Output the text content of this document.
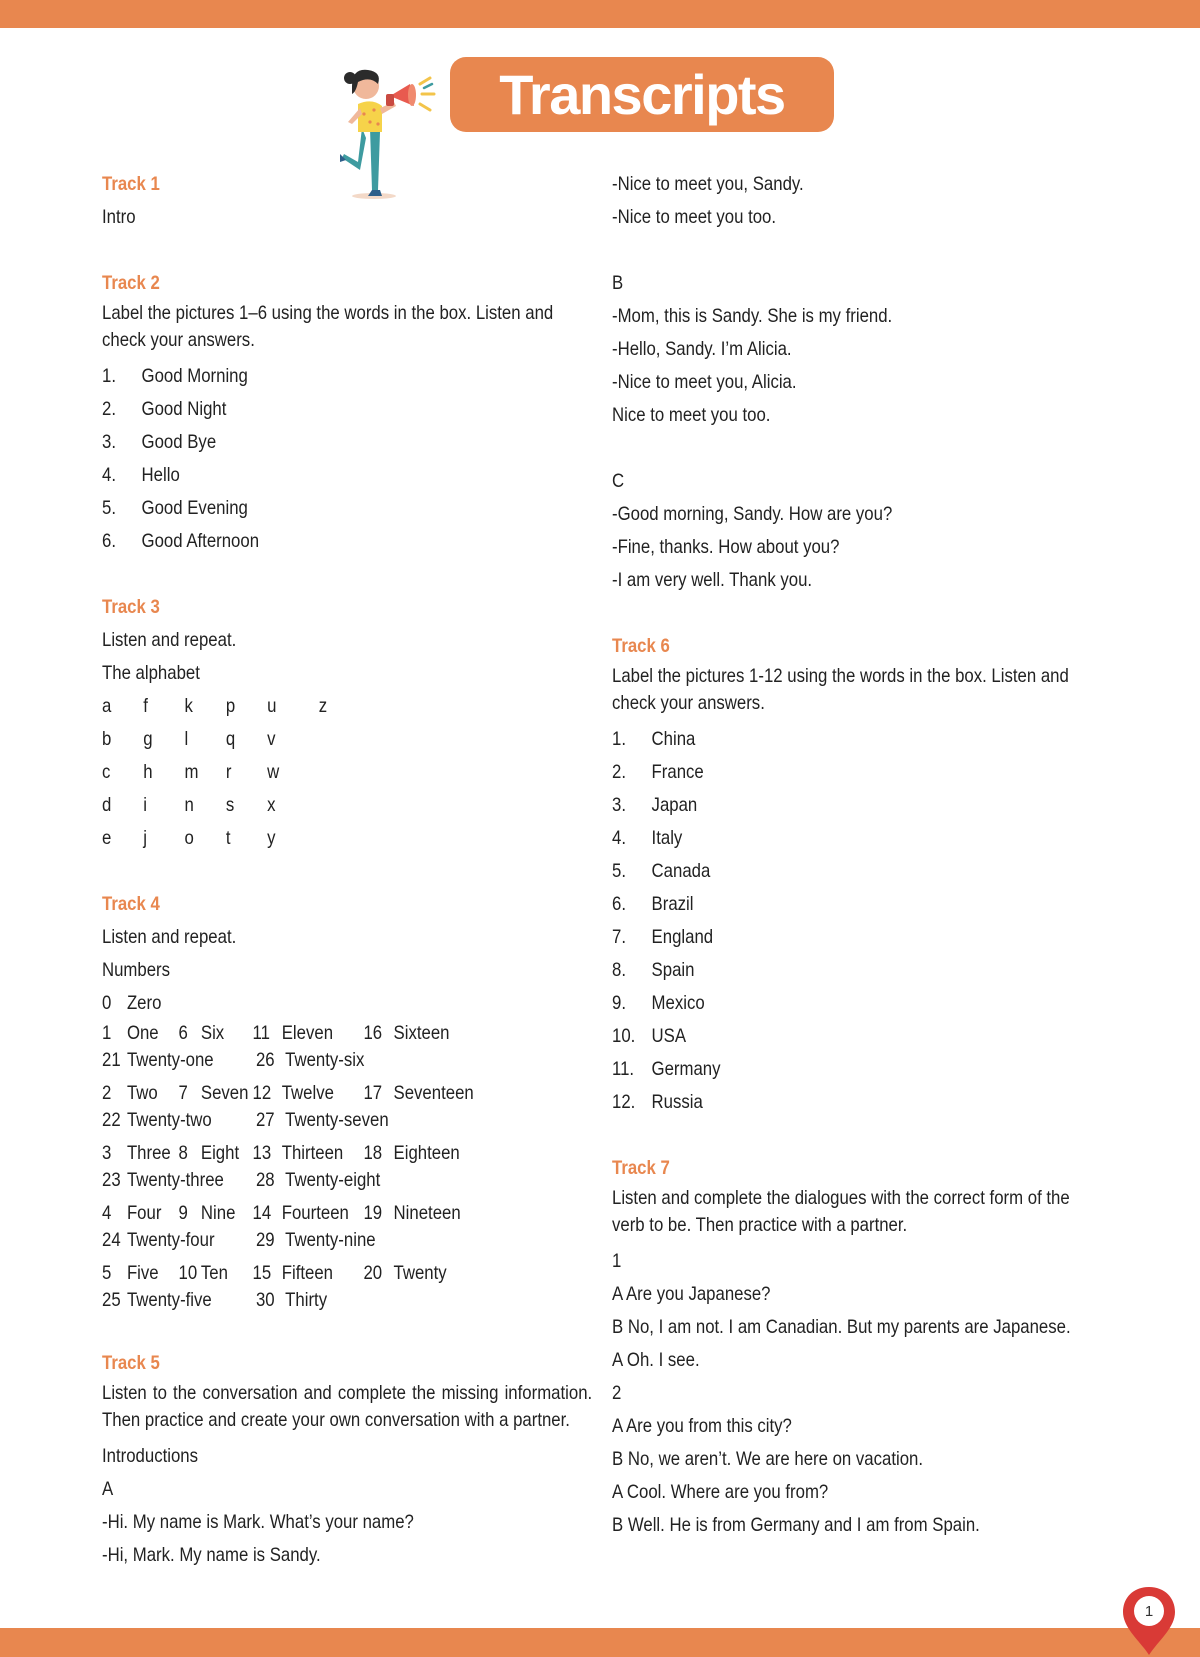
Transcripts
Track 1
Intro
Track 2
Label the pictures 1–6 using the words in the box. Listen and check your answers.
1.	Good Morning
2.	Good Night
3.	Good Bye
4.	Hello
5.	Good Evening
6.	Good Afternoon
Track 3
Listen and repeat.
The alphabet
a	f	k	p	u	z
b	g	l	q	v
c	h	m	r	w
d	i	n	s	x
e	j	o	t	y
Track 4
Listen and repeat.
Numbers
0 Zero
1 One	6 Six	11 Eleven	16 Sixteen
21 Twenty-one	26 Twenty-six
2 Two	7 Seven 12 Twelve	17 Seventeen
22 Twenty-two	27 Twenty-seven
3 Three 8 Eight 13 Thirteen	18 Eighteen
23 Twenty-three	28 Twenty-eight
4 Four 9 Nine 14 Fourteen 19 Nineteen
24 Twenty-four	29 Twenty-nine
5 Five	10 Ten	15 Fifteen	20 Twenty
25 Twenty-five	30 Thirty
Track 5
Listen to the conversation and complete the missing information. Then practice and create your own conversation with a partner.
Introductions
A
-Hi. My name is Mark. What’s your name?
-Hi, Mark. My name is Sandy.
-Nice to meet you, Sandy.
-Nice to meet you too.
B
-Mom, this is Sandy. She is my friend.
-Hello, Sandy. I’m Alicia.
-Nice to meet you, Alicia.
Nice to meet you too.
C
-Good morning, Sandy. How are you?
-Fine, thanks. How about you?
-I am very well. Thank you.
Track 6
Label the pictures 1-12 using the words in the box. Listen and check your answers.
1.	China
2.	France
3.	Japan
4.	Italy
5.	Canada
6.	Brazil
7.	England
8.	Spain
9.	Mexico
10. USA
11. Germany
12. Russia
Track 7
Listen and complete the dialogues with the correct form of the verb to be. Then practice with a partner.
1
A Are you Japanese?
B No, I am not. I am Canadian. But my parents are Japanese.
A Oh. I see.
2
A Are you from this city?
B No, we aren’t. We are here on vacation.
A Cool. Where are you from?
B Well. He is from Germany and I am from Spain.
1
